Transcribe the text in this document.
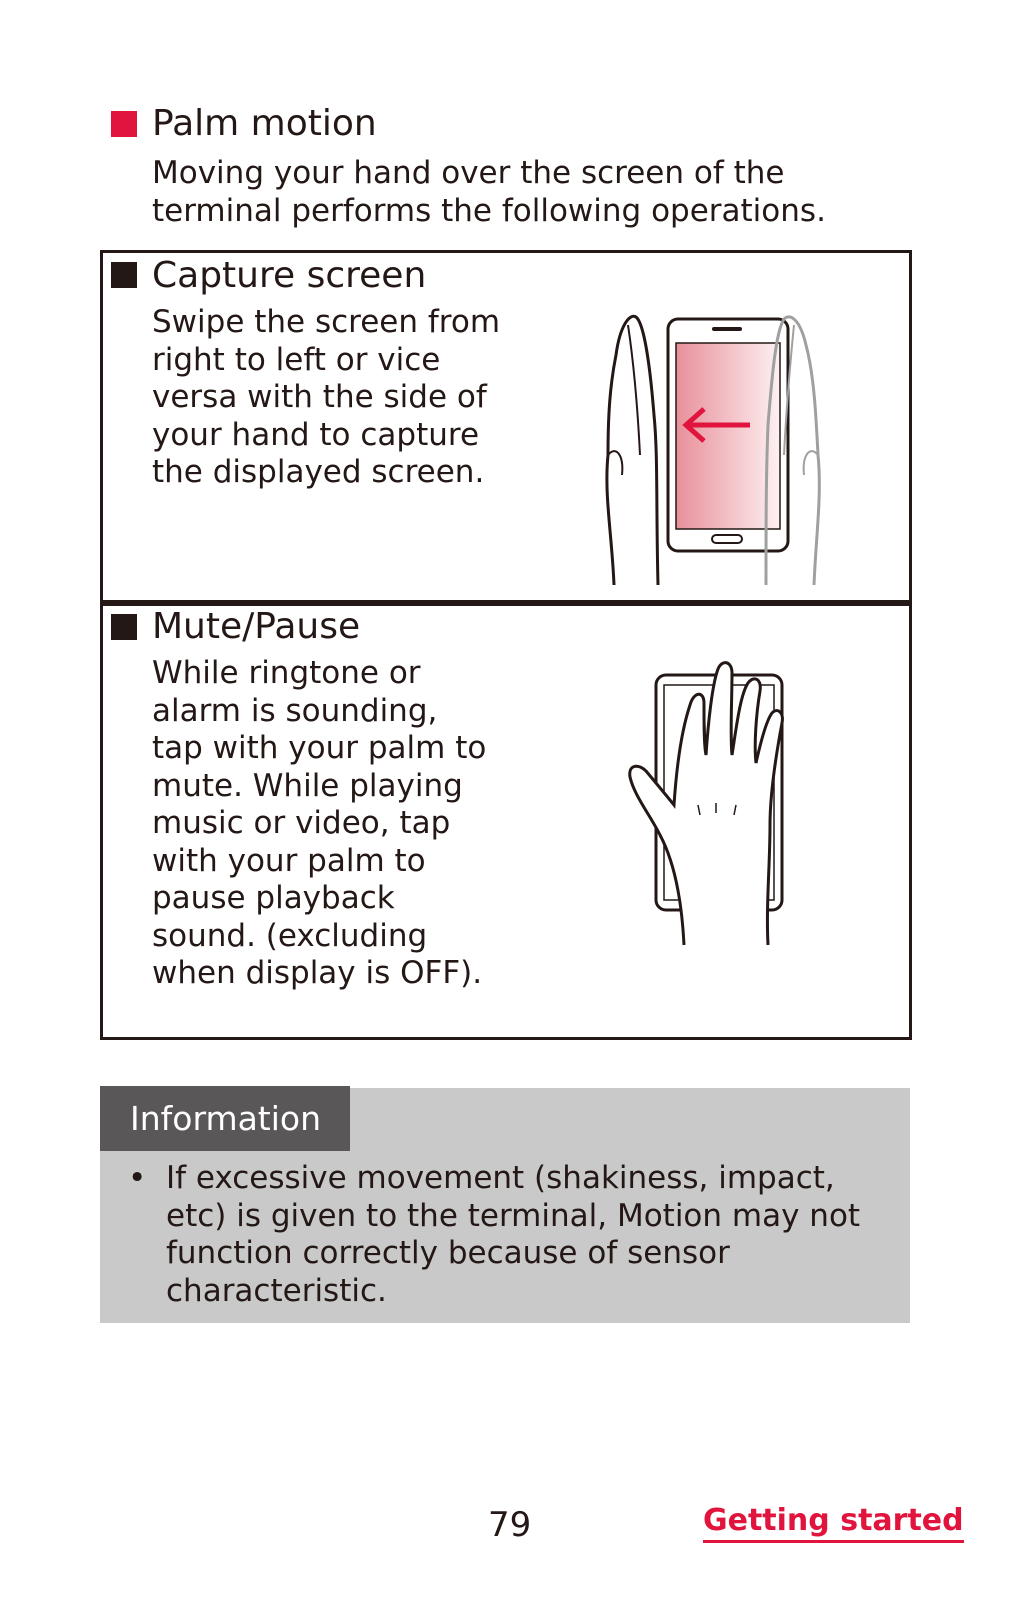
Palm motion

Moving your hand over the screen of the terminal performs the following operations.

Capture screen

Swipe the screen from right to left or vice versa with the side of your hand to capture the displayed screen.

Mute/Pause

While ringtone or alarm is sounding, tap with your palm to mute. While playing music or video, tap with your palm to pause playback sound. (excluding when display is OFF).

Information
• If excessive movement (shakiness, impact, etc) is given to the terminal, Motion may not function correctly because of sensor characteristic.

79	Getting started
